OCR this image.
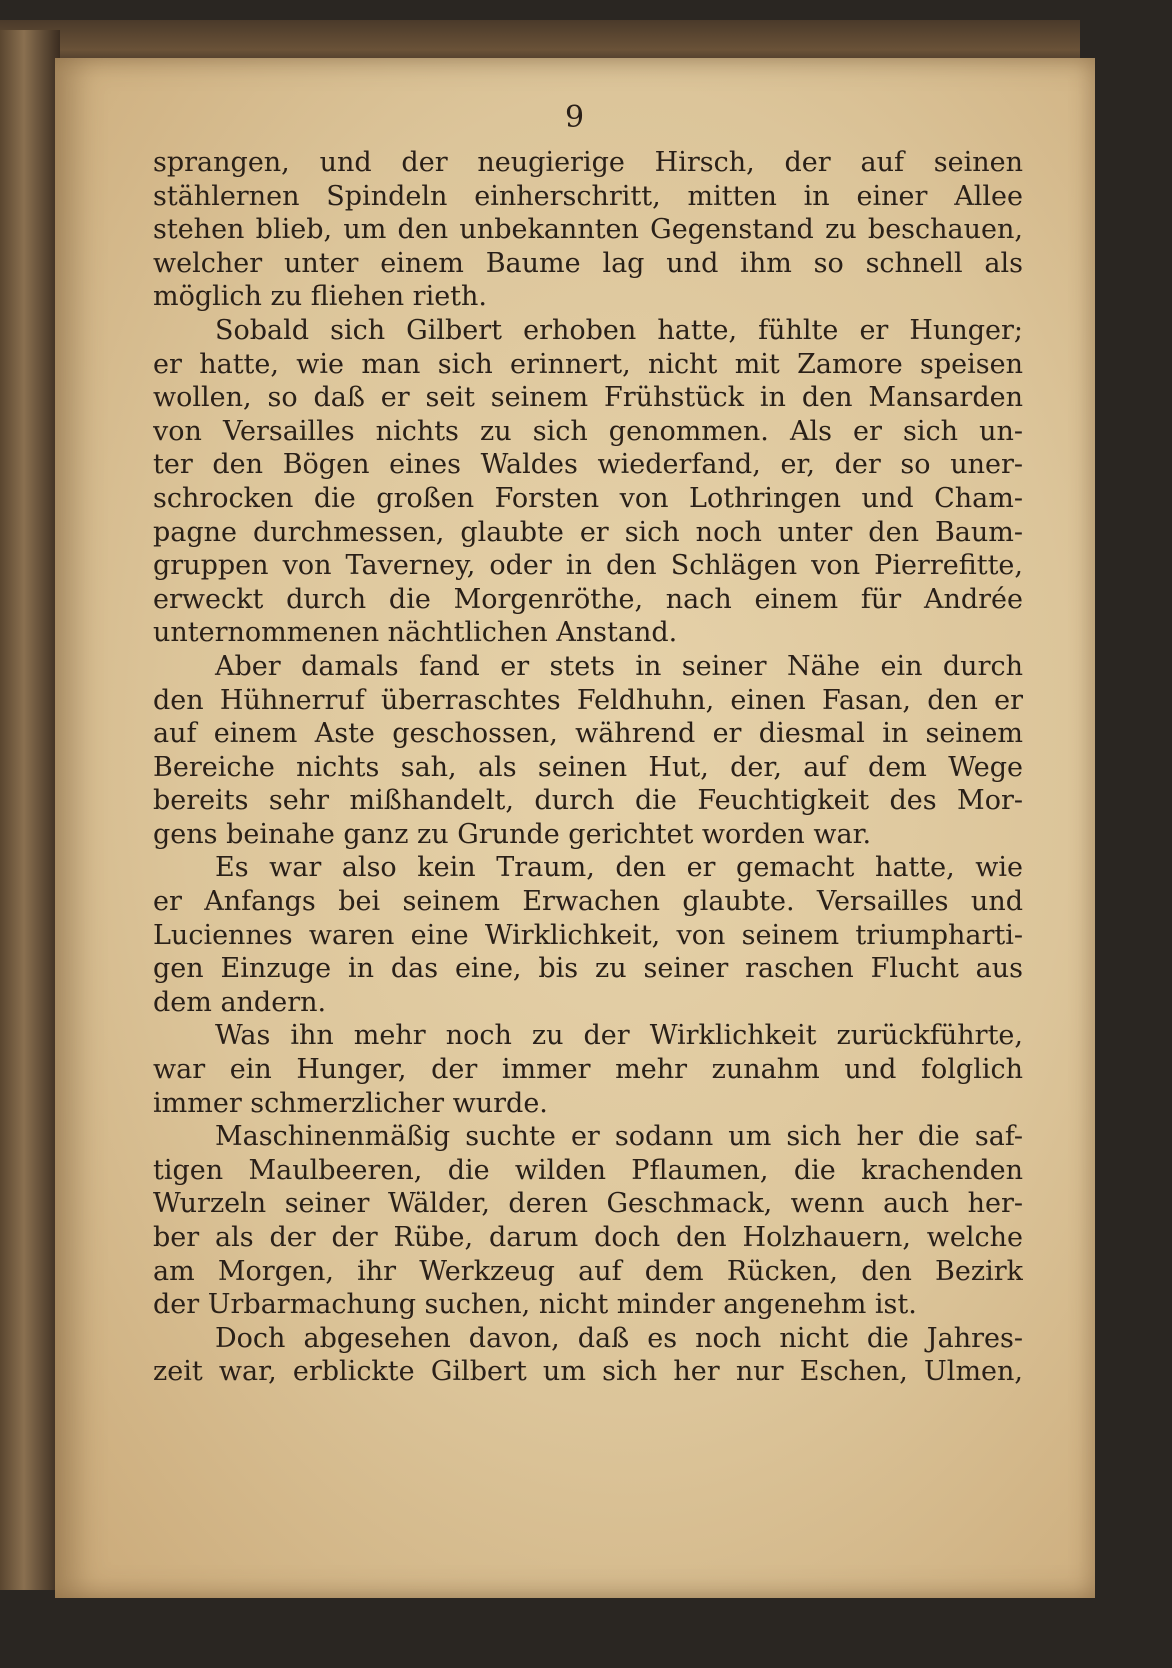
9
sprangen, und der neugierige Hirsch, der auf seinen
stählernen Spindeln einherschritt, mitten in einer Allee
stehen blieb, um den unbekannten Gegenstand zu beschauen,
welcher unter einem Baume lag und ihm so schnell als
möglich zu fliehen rieth.
Sobald sich Gilbert erhoben hatte, fühlte er Hunger;
er hatte, wie man sich erinnert, nicht mit Zamore speisen
wollen, so daß er seit seinem Frühstück in den Mansarden
von Versailles nichts zu sich genommen. Als er sich un-
ter den Bögen eines Waldes wiederfand, er, der so uner-
schrocken die großen Forsten von Lothringen und Cham-
pagne durchmessen, glaubte er sich noch unter den Baum-
gruppen von Taverney, oder in den Schlägen von Pierrefitte,
erweckt durch die Morgenröthe, nach einem für Andrée
unternommenen nächtlichen Anstand.
Aber damals fand er stets in seiner Nähe ein durch
den Hühnerruf überraschtes Feldhuhn, einen Fasan, den er
auf einem Aste geschossen, während er diesmal in seinem
Bereiche nichts sah, als seinen Hut, der, auf dem Wege
bereits sehr mißhandelt, durch die Feuchtigkeit des Mor-
gens beinahe ganz zu Grunde gerichtet worden war.
Es war also kein Traum, den er gemacht hatte, wie
er Anfangs bei seinem Erwachen glaubte. Versailles und
Luciennes waren eine Wirklichkeit, von seinem triumpharti-
gen Einzuge in das eine, bis zu seiner raschen Flucht aus
dem andern.
Was ihn mehr noch zu der Wirklichkeit zurückführte,
war ein Hunger, der immer mehr zunahm und folglich
immer schmerzlicher wurde.
Maschinenmäßig suchte er sodann um sich her die saf-
tigen Maulbeeren, die wilden Pflaumen, die krachenden
Wurzeln seiner Wälder, deren Geschmack, wenn auch her-
ber als der der Rübe, darum doch den Holzhauern, welche
am Morgen, ihr Werkzeug auf dem Rücken, den Bezirk
der Urbarmachung suchen, nicht minder angenehm ist.
Doch abgesehen davon, daß es noch nicht die Jahres-
zeit war, erblickte Gilbert um sich her nur Eschen, Ulmen,
